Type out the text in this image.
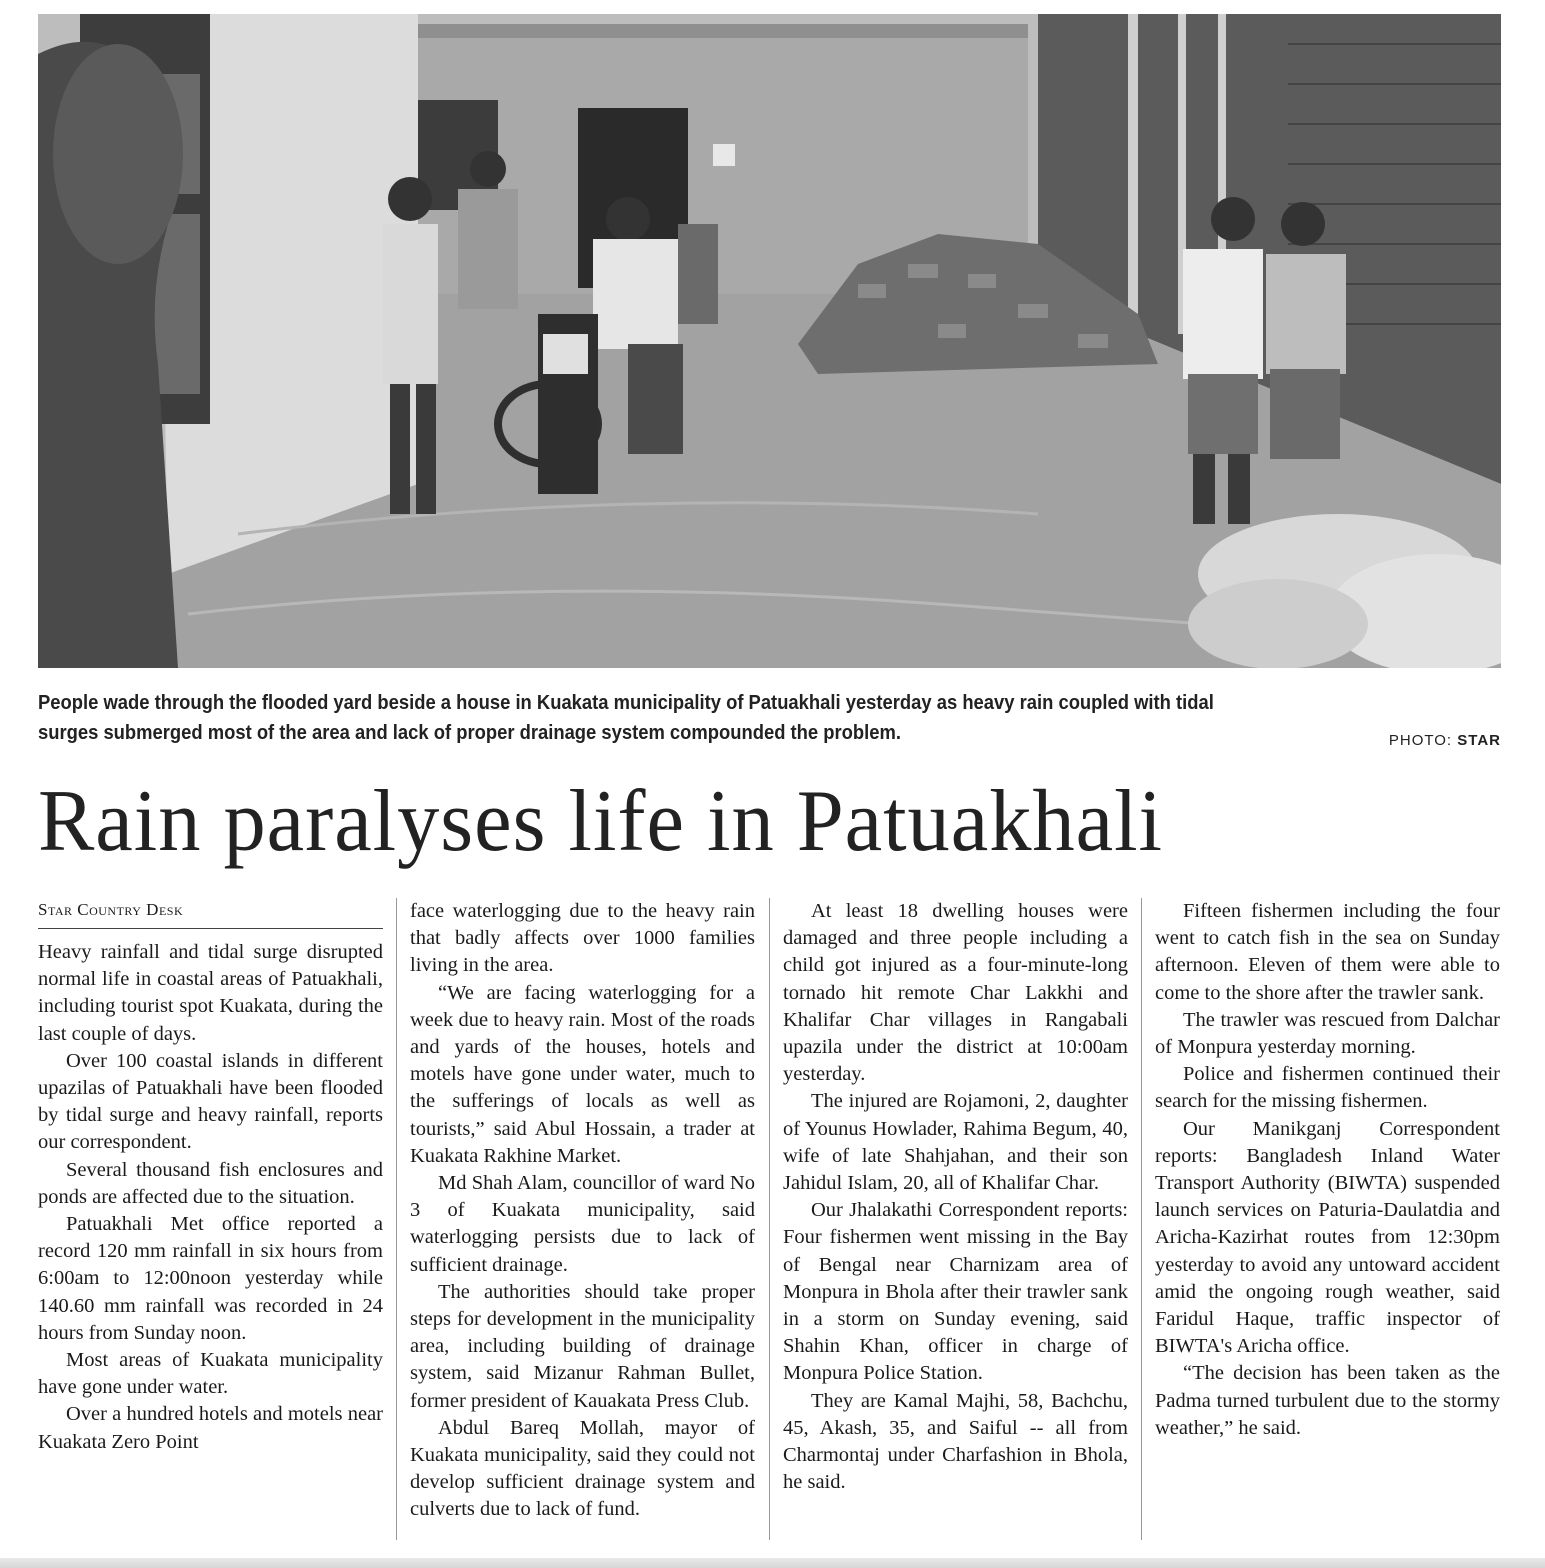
People wade through the flooded yard beside a house in Kuakata municipality of Patuakhali yesterday as heavy rain coupled with tidal
surges submerged most of the area and lack of proper drainage system compounded the problem.	PHOTO: STAR
Rain paralyses life in Patuakhali
Star Country Desk

Heavy rainfall and tidal surge disrupted normal life in coastal areas of Patuakhali, including tourist spot Kuakata, during the last couple of days.

Over 100 coastal islands in different upazilas of Patuakhali have been flooded by tidal surge and heavy rainfall, reports our correspondent.

Several thousand fish enclosures and ponds are affected due to the situation.

Patuakhali Met office reported a record 120 mm rainfall in six hours from 6:00am to 12:00noon yesterday while 140.60 mm rainfall was recorded in 24 hours from Sunday noon.

Most areas of Kuakata municipality have gone under water.

Over a hundred hotels and motels near Kuakata Zero Point

face waterlogging due to the heavy rain that badly affects over 1000 families living in the area.

“We are facing waterlogging for a week due to heavy rain. Most of the roads and yards of the houses, hotels and motels have gone under water, much to the sufferings of locals as well as tourists,” said Abul Hossain, a trader at Kuakata Rakhine Market.

Md Shah Alam, councillor of ward No 3 of Kuakata municipality, said waterlogging persists due to lack of sufficient drainage.

The authorities should take proper steps for development in the municipality area, including building of drainage system, said Mizanur Rahman Bullet, former president of Kauakata Press Club.

Abdul Bareq Mollah, mayor of Kuakata municipality, said they could not develop sufficient drainage system and culverts due to lack of fund.

At least 18 dwelling houses were damaged and three people including a child got injured as a four-minute-long tornado hit remote Char Lakkhi and Khalifar Char villages in Rangabali upazila under the district at 10:00am yesterday.

The injured are Rojamoni, 2, daughter of Younus Howlader, Rahima Begum, 40, wife of late Shahjahan, and their son Jahidul Islam, 20, all of Khalifar Char.

Our Jhalakathi Correspondent reports: Four fishermen went missing in the Bay of Bengal near Charnizam area of Monpura in Bhola after their trawler sank in a storm on Sunday evening, said Shahin Khan, officer in charge of Monpura Police Station.

They are Kamal Majhi, 58, Bachchu, 45, Akash, 35, and Saiful -- all from Charmontaj under Charfashion in Bhola, he said.

Fifteen fishermen including the four went to catch fish in the sea on Sunday afternoon. Eleven of them were able to come to the shore after the trawler sank.

The trawler was rescued from Dalchar of Monpura yesterday morning.

Police and fishermen continued their search for the missing fishermen.

Our Manikganj Correspondent reports: Bangladesh Inland Water Transport Authority (BIWTA) suspended launch services on Paturia-Daulatdia and Aricha-Kazirhat routes from 12:30pm yesterday to avoid any untoward accident amid the ongoing rough weather, said Faridul Haque, traffic inspector of BIWTA's Aricha office.

“The decision has been taken as the Padma turned turbulent due to the stormy weather,” he said.
